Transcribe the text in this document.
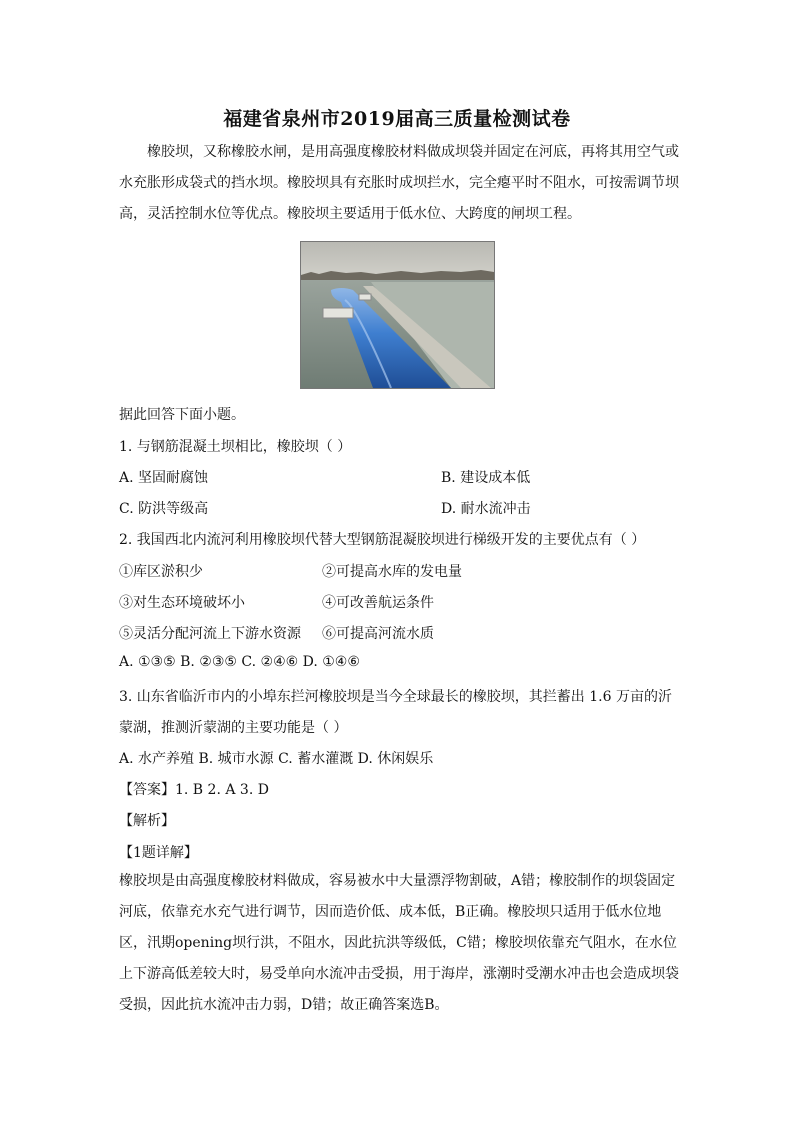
福建省泉州市2019届高三质量检测试卷
橡胶坝，又称橡胶水闸，是用高强度橡胶材料做成坝袋并固定在河底，再将其用空气或水充胀形成袋式的挡水坝。橡胶坝具有充胀时成坝拦水，完全瘪平时不阻水，可按需调节坝高，灵活控制水位等优点。橡胶坝主要适用于低水位、大跨度的闸坝工程。
据此回答下面小题。
1. 与钢筋混凝土坝相比，橡胶坝（ ）
A. 坚固耐腐蚀	B. 建设成本低
C. 防洪等级高	D. 耐水流冲击
2. 我国西北内流河利用橡胶坝代替大型钢筋混凝胶坝进行梯级开发的主要优点有（ ）
①库区淤积少	②可提高水库的发电量
③对生态环境破坏小	④可改善航运条件
⑤灵活分配河流上下游水资源 ⑥可提高河流水质
A. ①③⑤ B. ②③⑤ C. ②④⑥ D. ①④⑥
3. 山东省临沂市内的小埠东拦河橡胶坝是当今全球最长的橡胶坝，其拦蓄出 1.6 万亩的沂
蒙湖，推测沂蒙湖的主要功能是（ ）
A. 水产养殖 B. 城市水源 C. 蓄水灌溉 D. 休闲娱乐
【答案】1. B 2. A 3. D
【解析】
【1题详解】
橡胶坝是由高强度橡胶材料做成，容易被水中大量漂浮物割破，A错；橡胶制作的坝袋固定河底，依靠充水充气进行调节，因而造价低、成本低，B正确。橡胶坝只适用于低水位地区，汛期opening坝行洪，不阻水，因此抗洪等级低，C错；橡胶坝依靠充气阻水，在水位上下游高低差较大时，易受单向水流冲击受损，用于海岸，涨潮时受潮水冲击也会造成坝袋受损，因此抗水流冲击力弱，D错；故正确答案选B。
